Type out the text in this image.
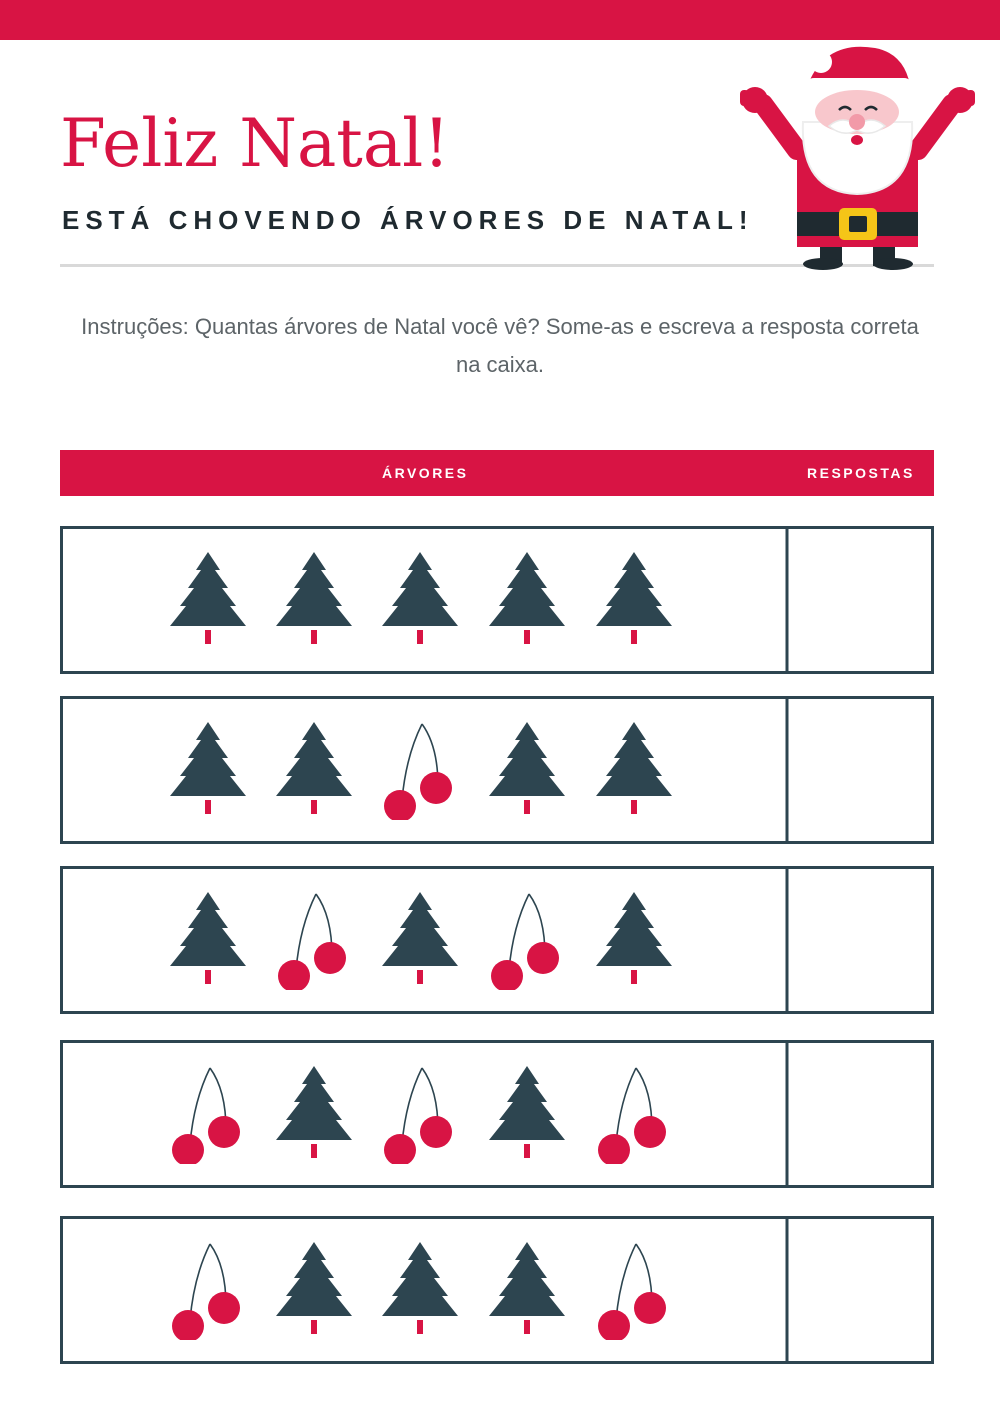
Feliz Natal!
ESTÁ CHOVENDO ÁRVORES DE NATAL!

Instruções: Quantas árvores de Natal você vê? Some-as e escreva a resposta correta na caixa.

ÁRVORES	RESPOSTAS
